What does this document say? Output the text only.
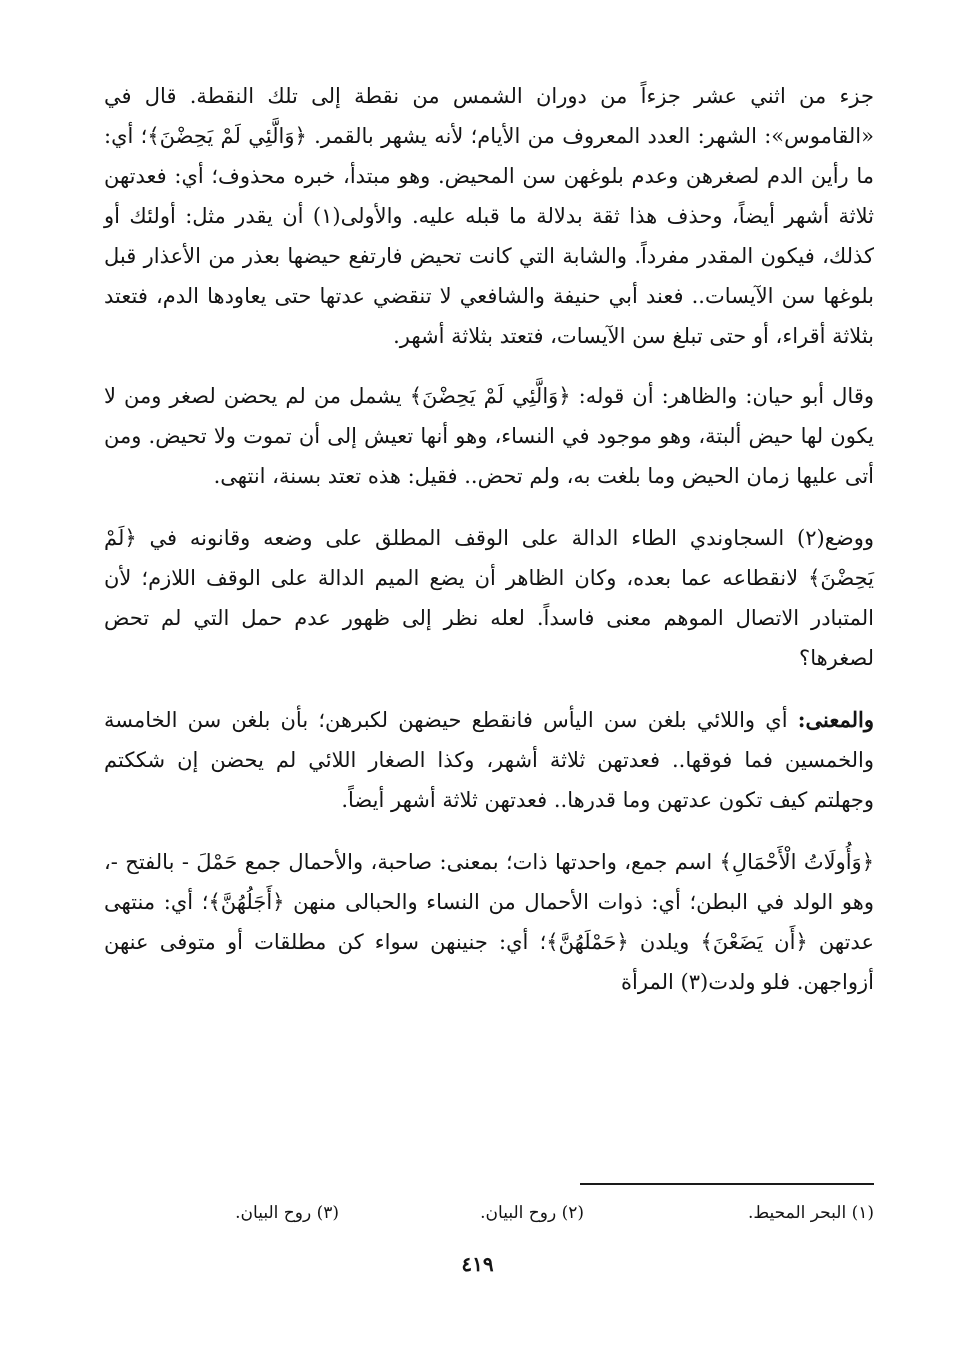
جزء من اثني عشر جزءاً من دوران الشمس من نقطة إلى تلك النقطة. قال في «القاموس»: الشهر: العدد المعروف من الأيام؛ لأنه يشهر بالقمر. ﴿وَالَّئِي لَمْ يَحِضْنَ﴾؛ أي: ما رأين الدم لصغرهن وعدم بلوغهن سن المحيض. وهو مبتدأ، خبره محذوف؛ أي: فعدتهن ثلاثة أشهر أيضاً، وحذف هذا ثقة بدلالة ما قبله عليه. والأولى(١) أن يقدر مثل: أولئك أو كذلك، فيكون المقدر مفرداً. والشابة التي كانت تحيض فارتفع حيضها بعذر من الأعذار قبل بلوغها سن الآيسات.. فعند أبي حنيفة والشافعي لا تنقضي عدتها حتى يعاودها الدم، فتعتد بثلاثة أقراء، أو حتى تبلغ سن الآيسات، فتعتد بثلاثة أشهر.

وقال أبو حيان: والظاهر: أن قوله: ﴿وَالَّئِي لَمْ يَحِضْنَ﴾ يشمل من لم يحضن لصغر ومن لا يكون لها حيض ألبتة، وهو موجود في النساء، وهو أنها تعيش إلى أن تموت ولا تحيض. ومن أتى عليها زمان الحيض وما بلغت به، ولم تحض.. فقيل: هذه تعتد بسنة، انتهى.

ووضع(٢) السجاوندي الطاء الدالة على الوقف المطلق على وضعه وقانونه في ﴿لَمْ يَحِضْنَ﴾ لانقطاعه عما بعده، وكان الظاهر أن يضع الميم الدالة على الوقف اللازم؛ لأن المتبادر الاتصال الموهم معنى فاسداً. لعله نظر إلى ظهور عدم حمل التي لم تحض لصغرها؟

والمعنى: أي واللائي بلغن سن اليأس فانقطع حيضهن لكبرهن؛ بأن بلغن سن الخامسة والخمسين فما فوقها.. فعدتهن ثلاثة أشهر، وكذا الصغار اللائي لم يحضن إن شككتم وجهلتم كيف تكون عدتهن وما قدرها.. فعدتهن ثلاثة أشهر أيضاً.

﴿وَأُولَاتُ الْأَحْمَالِ﴾ اسم جمع، واحدتها ذات؛ بمعنى: صاحبة، والأحمال جمع حَمْلَ - بالفتح -، وهو الولد في البطن؛ أي: ذوات الأحمال من النساء والحبالى منهن ﴿أَجَلُهُنَّ﴾؛ أي: منتهى عدتهن ﴿أَن يَضَعْنَ﴾ ويلدن ﴿حَمْلَهُنَّ﴾؛ أي: جنينهن سواء كن مطلقات أو متوفى عنهن أزواجهن. فلو ولدت(٣) المرأة

(١) البحر المحيط.
(٢) روح البيان.
(٣) روح البيان.
٤١٩
